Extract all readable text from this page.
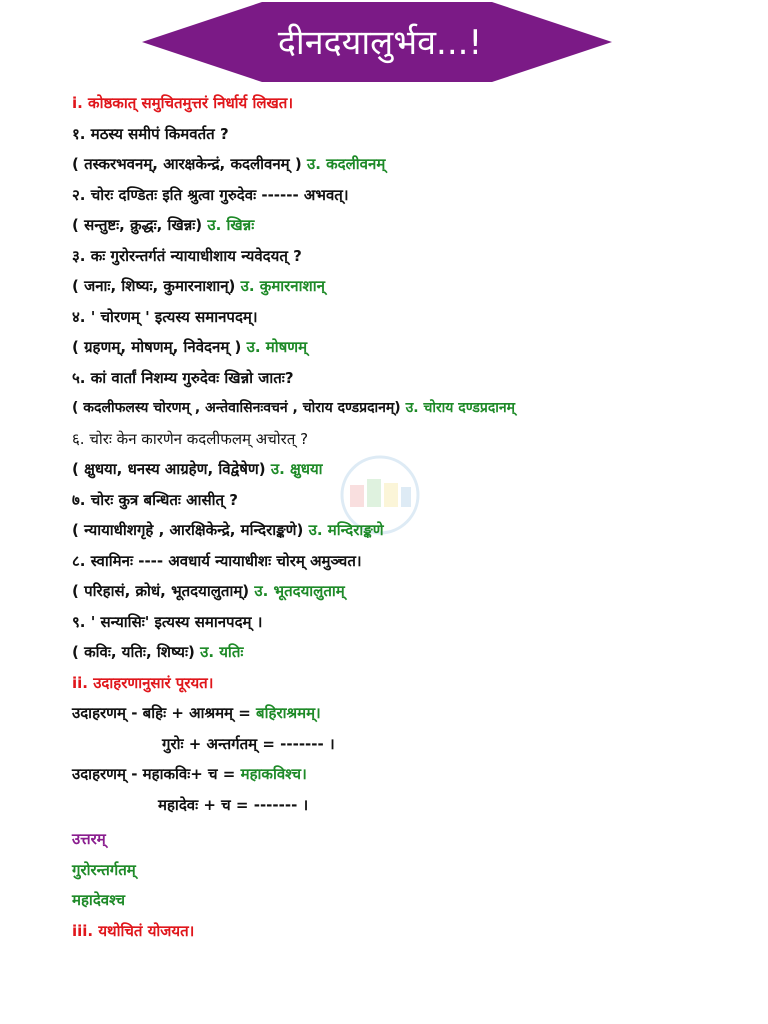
दीनदयालुर्भव...!
i. कोष्ठकात् समुचितमुत्तरं निर्धार्य लिखत।
१. मठस्य समीपं किमवर्तत ?
( तस्करभवनम्, आरक्षकेन्द्रं, कदलीवनम् ) उ. कदलीवनम्
२. चोरः दण्डितः इति श्रुत्वा गुरुदेवः ------ अभवत्।
( सन्तुष्टः, क्रुद्धः, खिन्नः) उ. खिन्नः
३. कः गुरोरन्तर्गतं न्यायाधीशाय न्यवेदयत् ?
( जनाः, शिष्यः, कुमारनाशान्) उ. कुमारनाशान्
४. ' चोरणम् ' इत्यस्य समानपदम्।
( ग्रहणम्, मोषणम्, निवेदनम् ) उ. मोषणम्
५. कां वार्तां निशम्य गुरुदेवः खिन्नो जातः?
( कदलीफलस्य चोरणम् , अन्तेवासिनःवचनं , चोराय दण्डप्रदानम्) उ. चोराय दण्डप्रदानम्
६. चोरः केन कारणेन कदलीफलम् अचोरत् ?
( क्षुधया, धनस्य आग्रहेण, विद्वेषेण) उ. क्षुधया
७. चोरः कुत्र बन्धितः आसीत् ?
( न्यायाधीशगृहे , आरक्षिकेन्द्रे, मन्दिराङ्कणे) उ. मन्दिराङ्कणे
८. स्वामिनः ---- अवधार्य न्यायाधीशः चोरम् अमुञ्चत।
( परिहासं, क्रोधं, भूतदयालुताम्) उ. भूतदयालुताम्
९. ' सन्यासिः' इत्यस्य समानपदम् ।
( कविः, यतिः, शिष्यः) उ. यतिः
ii. उदाहरणानुसारं पूरयत।
उदाहरणम् - बहिः + आश्रमम् = बहिराश्रमम्।
गुरोः + अन्तर्गतम् = ------- ।
उदाहरणम् - महाकविः+ च = महाकविश्च।
महादेवः + च = ------- ।
उत्तरम्
गुरोरन्तर्गतम्
महादेवश्च
iii. यथोचितं योजयत।
